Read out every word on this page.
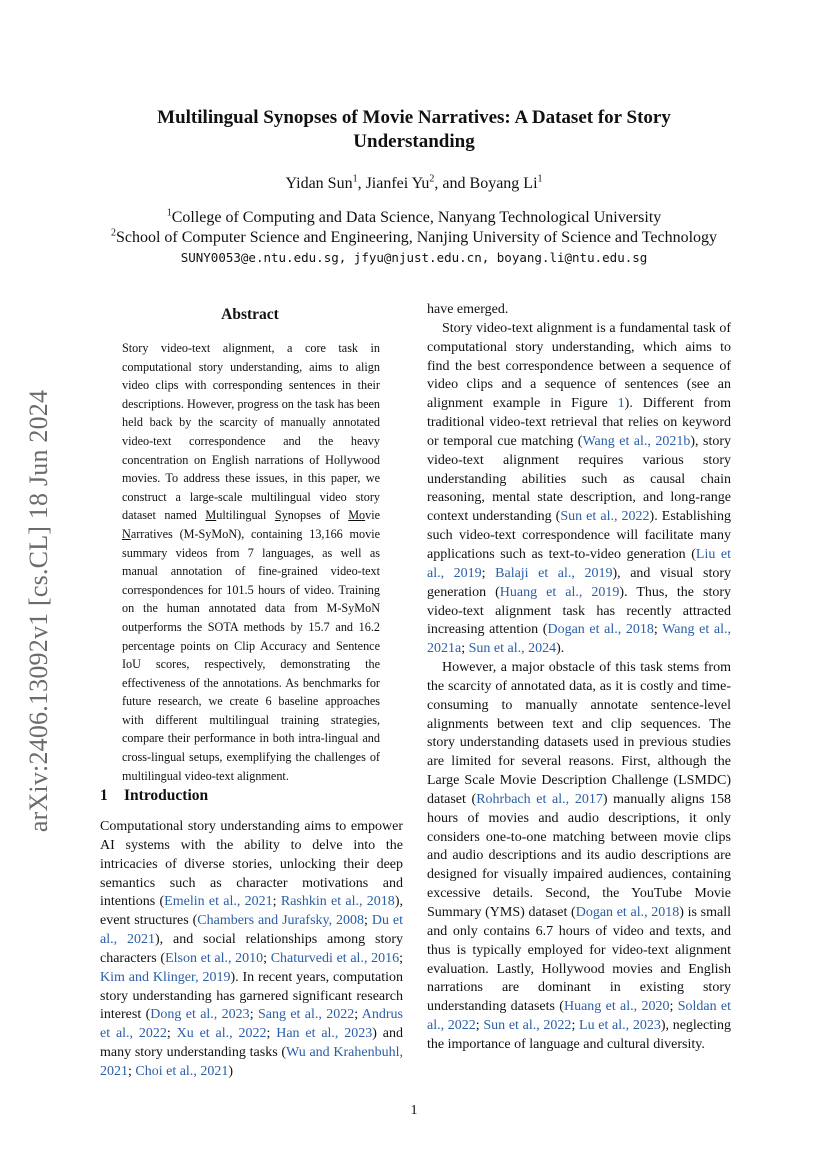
arXiv:2406.13092v1 [cs.CL] 18 Jun 2024
Multilingual Synopses of Movie Narratives: A Dataset for Story Understanding
Yidan Sun$^1$, Jianfei Yu$^2$, and Boyang Li$^1$
$^1$College of Computing and Data Science, Nanyang Technological University
$^2$School of Computer Science and Engineering, Nanjing University of Science and Technology
SUNY0053@e.ntu.edu.sg, jfyu@njust.edu.cn, boyang.li@ntu.edu.sg
Abstract
Story video-text alignment, a core task in computational story understanding, aims to align video clips with corresponding sentences in their descriptions. However, progress on the task has been held back by the scarcity of manually annotated video-text correspondence and the heavy concentration on English narrations of Hollywood movies. To address these issues, in this paper, we construct a large-scale multilingual video story dataset named Multilingual Synopses of Movie Narratives (M-SyMoN), containing 13,166 movie summary videos from 7 languages, as well as manual annotation of fine-grained video-text correspondences for 101.5 hours of video. Training on the human annotated data from M-SyMoN outperforms the SOTA methods by 15.7 and 16.2 percentage points on Clip Accuracy and Sentence IoU scores, respectively, demonstrating the effectiveness of the annotations. As benchmarks for future research, we create 6 baseline approaches with different multilingual training strategies, compare their performance in both intra-lingual and cross-lingual setups, exemplifying the challenges of multilingual video-text alignment.
1 Introduction

Computational story understanding aims to empower AI systems with the ability to delve into the intricacies of diverse stories, unlocking their deep semantics such as character motivations and intentions (Emelin et al., 2021; Rashkin et al., 2018), event structures (Chambers and Jurafsky, 2008; Du et al., 2021), and social relationships among story characters (Elson et al., 2010; Chaturvedi et al., 2016; Kim and Klinger, 2019). In recent years, computation story understanding has garnered significant research interest (Dong et al., 2023; Sang et al., 2022; Andrus et al., 2022; Xu et al., 2022; Han et al., 2023) and many story understanding tasks (Wu and Krahenbuhl, 2021; Choi et al., 2021)

have emerged.

Story video-text alignment is a fundamental task of computational story understanding, which aims to find the best correspondence between a sequence of video clips and a sequence of sentences (see an alignment example in Figure 1). Different from traditional video-text retrieval that relies on keyword or temporal cue matching (Wang et al., 2021b), story video-text alignment requires various story understanding abilities such as causal chain reasoning, mental state description, and long-range context understanding (Sun et al., 2022). Establishing such video-text correspondence will facilitate many applications such as text-to-video generation (Liu et al., 2019; Balaji et al., 2019), and visual story generation (Huang et al., 2019). Thus, the story video-text alignment task has recently attracted increasing attention (Dogan et al., 2018; Wang et al., 2021a; Sun et al., 2024).

However, a major obstacle of this task stems from the scarcity of annotated data, as it is costly and time-consuming to manually annotate sentence-level alignments between text and clip sequences. The story understanding datasets used in previous studies are limited for several reasons. First, although the Large Scale Movie Description Challenge (LSMDC) dataset (Rohrbach et al., 2017) manually aligns 158 hours of movies and audio descriptions, it only considers one-to-one matching between movie clips and audio descriptions and its audio descriptions are designed for visually impaired audiences, containing excessive details. Second, the YouTube Movie Summary (YMS) dataset (Dogan et al., 2018) is small and only contains 6.7 hours of video and texts, and thus is typically employed for video-text alignment evaluation. Lastly, Hollywood movies and English narrations are dominant in existing story understanding datasets (Huang et al., 2020; Soldan et al., 2022; Sun et al., 2022; Lu et al., 2023), neglecting the importance of language and cultural diversity.

1
